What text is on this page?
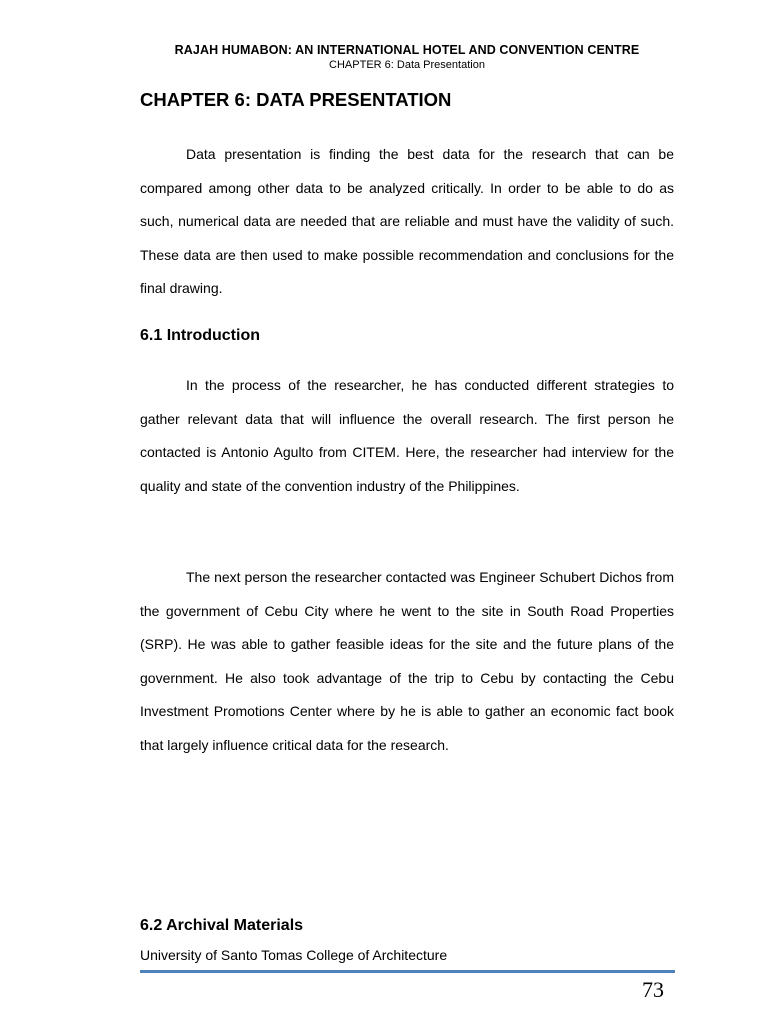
RAJAH HUMABON: AN INTERNATIONAL HOTEL AND CONVENTION CENTRE
CHAPTER 6: Data Presentation
CHAPTER 6: DATA PRESENTATION

Data presentation is finding the best data for the research that can be compared among other data to be analyzed critically. In order to be able to do as such, numerical data are needed that are reliable and must have the validity of such. These data are then used to make possible recommendation and conclusions for the final drawing.

6.1 Introduction

In the process of the researcher, he has conducted different strategies to gather relevant data that will influence the overall research. The first person he contacted is Antonio Agulto from CITEM. Here, the researcher had interview for the quality and state of the convention industry of the Philippines.

The next person the researcher contacted was Engineer Schubert Dichos from the government of Cebu City where he went to the site in South Road Properties (SRP). He was able to gather feasible ideas for the site and the future plans of the government. He also took advantage of the trip to Cebu by contacting the Cebu Investment Promotions Center where by he is able to gather an economic fact book that largely influence critical data for the research.

6.2 Archival Materials
University of Santo Tomas College of Architecture
73
